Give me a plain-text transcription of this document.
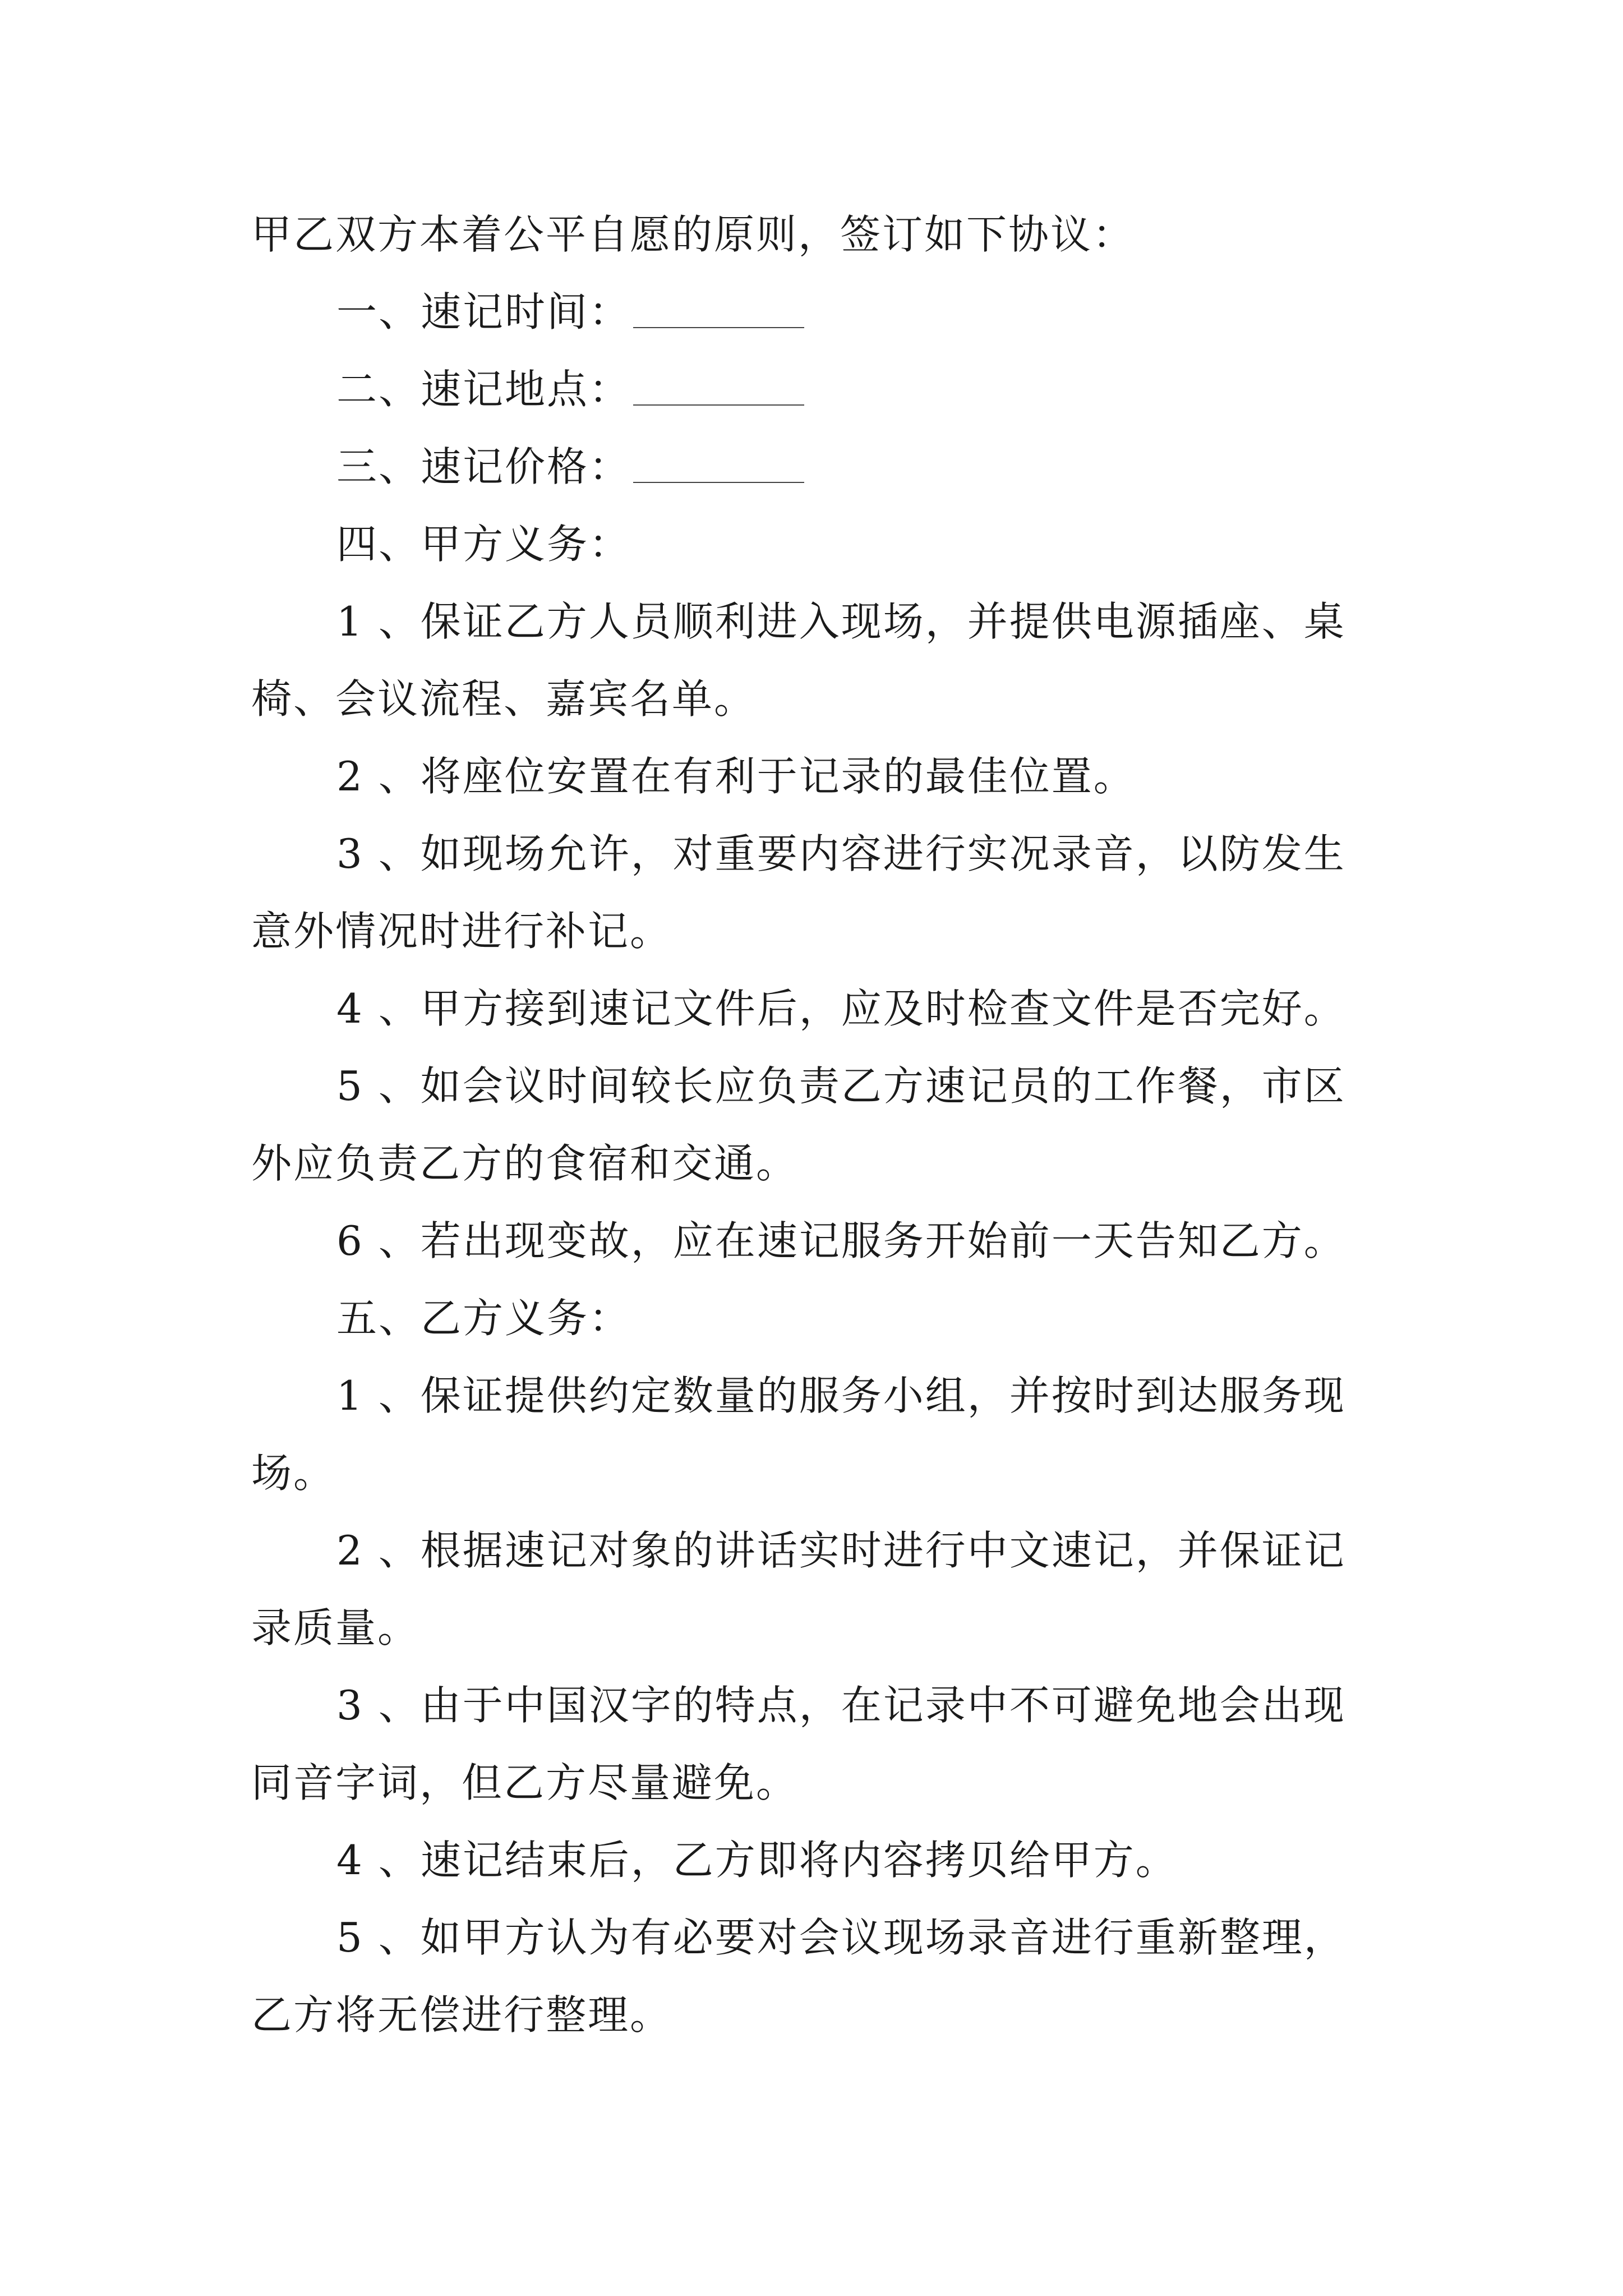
甲乙双方本着公平自愿的原则，签订如下协议：
一、速记时间：
二、速记地点：
三、速记价格：
四、甲方义务：
1 、保证乙方人员顺利进入现场，并提供电源插座、桌
椅、会议流程、嘉宾名单。
2 、将座位安置在有利于记录的最佳位置。
3 、如现场允许，对重要内容进行实况录音，以防发生
意外情况时进行补记。
4 、甲方接到速记文件后，应及时检查文件是否完好。
5 、如会议时间较长应负责乙方速记员的工作餐，市区
外应负责乙方的食宿和交通。
6 、若出现变故，应在速记服务开始前一天告知乙方。
五、乙方义务：
1 、保证提供约定数量的服务小组，并按时到达服务现
场。
2 、根据速记对象的讲话实时进行中文速记，并保证记
录质量。
3 、由于中国汉字的特点，在记录中不可避免地会出现
同音字词，但乙方尽量避免。
4 、速记结束后，乙方即将内容拷贝给甲方。
5 、如甲方认为有必要对会议现场录音进行重新整理，
乙方将无偿进行整理。
